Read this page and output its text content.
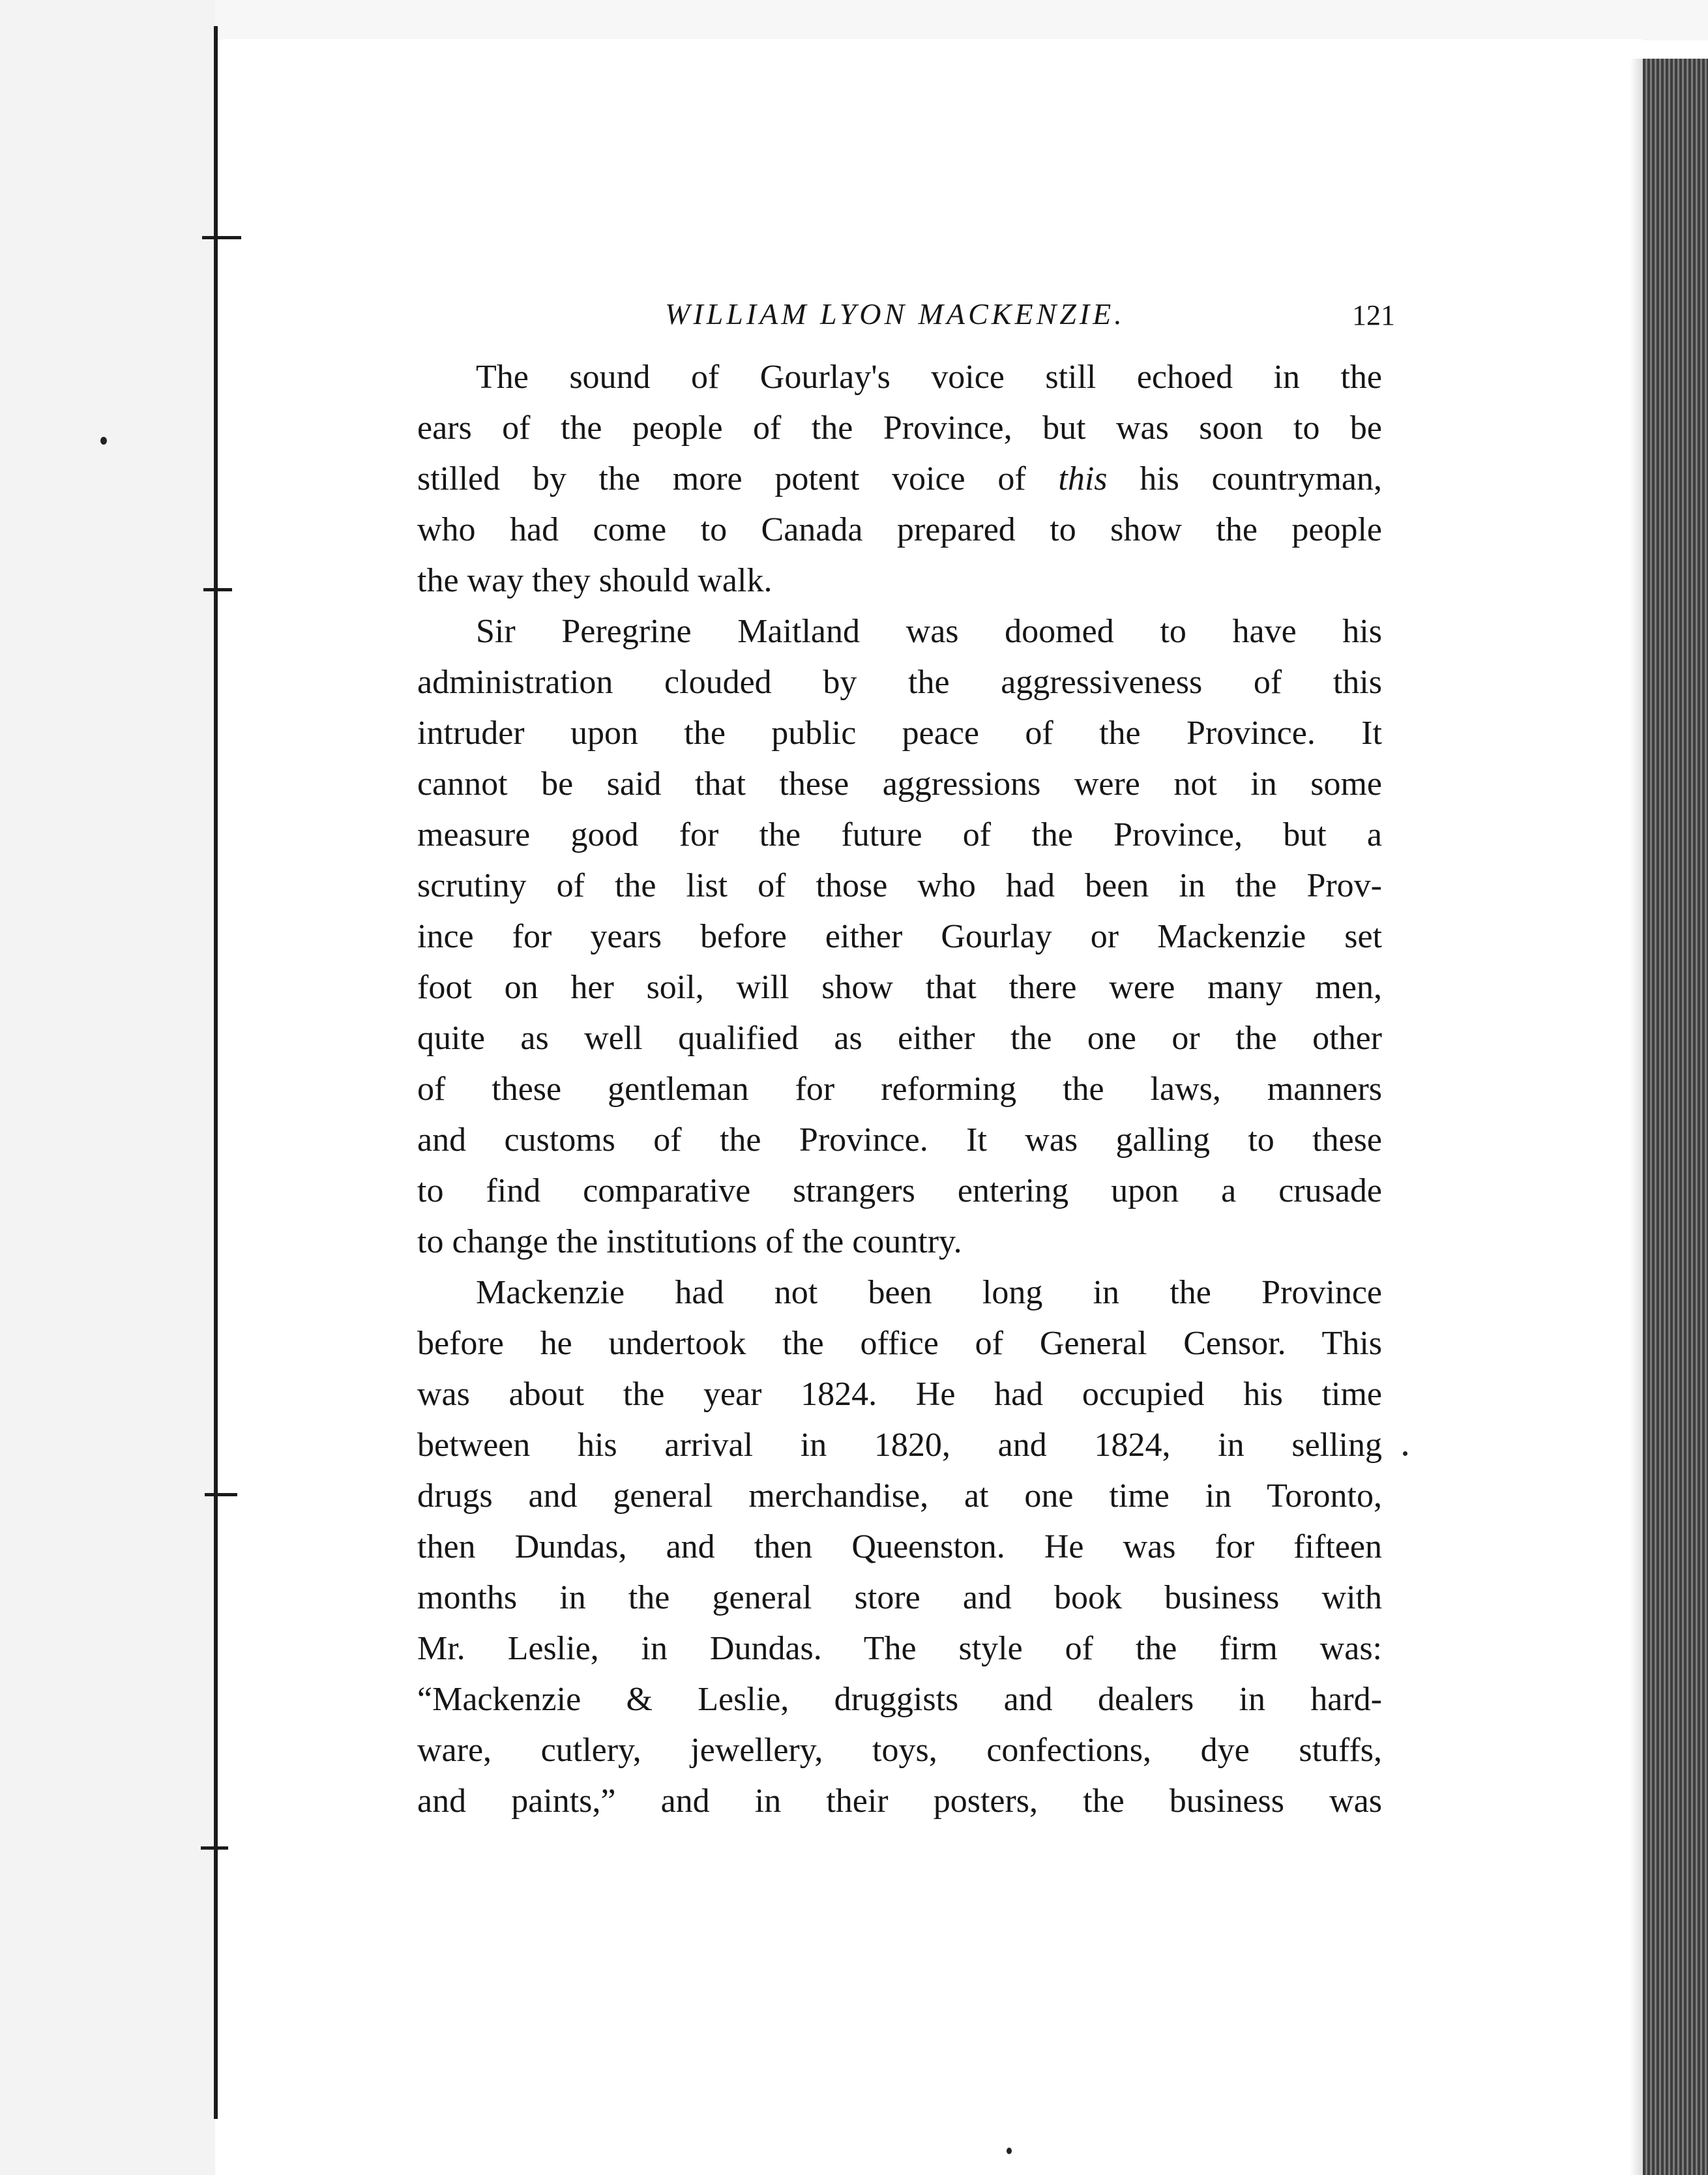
WILLIAM LYON MACKENZIE.	121
The sound of Gourlay's voice still echoed in the
ears of the people of the Province, but was soon to be
stilled by the more potent voice of this his countryman,
who had come to Canada prepared to show the people
the way they should walk.
Sir Peregrine Maitland was doomed to have his
administration clouded by the aggressiveness of this
intruder upon the public peace of the Province. It
cannot be said that these aggressions were not in some
measure good for the future of the Province, but a
scrutiny of the list of those who had been in the Prov-
ince for years before either Gourlay or Mackenzie set
foot on her soil, will show that there were many men,
quite as well qualified as either the one or the other
of these gentleman for reforming the laws, manners
and customs of the Province. It was galling to these
to find comparative strangers entering upon a crusade
to change the institutions of the country.
Mackenzie had not been long in the Province
before he undertook the office of General Censor. This
was about the year 1824. He had occupied his time
between his arrival in 1820, and 1824, in selling
drugs and general merchandise, at one time in Toronto,
then Dundas, and then Queenston. He was for fifteen
months in the general store and book business with
Mr. Leslie, in Dundas. The style of the firm was:
“Mackenzie & Leslie, druggists and dealers in hard-
ware, cutlery, jewellery, toys, confections, dye stuffs,
and paints,” and in their posters, the business was
